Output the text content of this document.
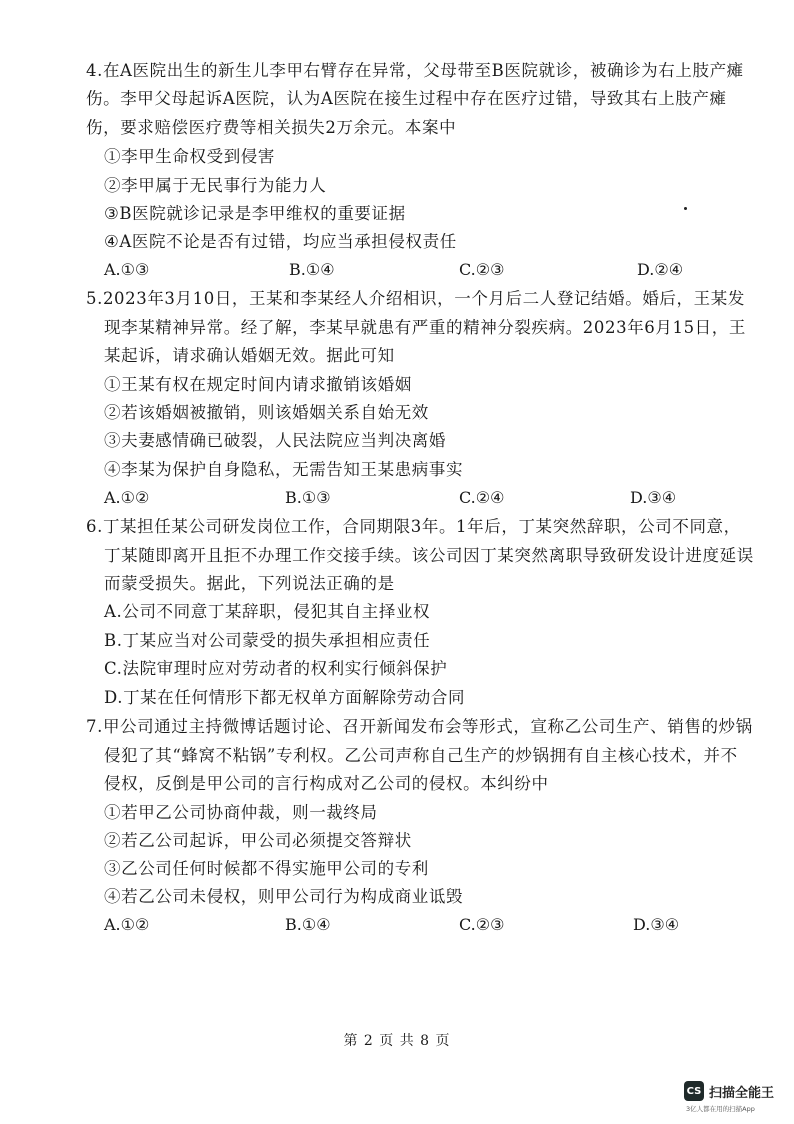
4.在A医院出生的新生儿李甲右臂存在异常，父母带至B医院就诊，被确诊为右上肢产瘫
伤。李甲父母起诉A医院，认为A医院在接生过程中存在医疗过错，导致其右上肢产瘫
伤，要求赔偿医疗费等相关损失2万余元。本案中
①李甲生命权受到侵害
②李甲属于无民事行为能力人
③B医院就诊记录是李甲维权的重要证据
④A医院不论是否有过错，均应当承担侵权责任
A.①③	B.①④	C.②③	D.②④
5.2023年3月10日，王某和李某经人介绍相识，一个月后二人登记结婚。婚后，王某发
现李某精神异常。经了解，李某早就患有严重的精神分裂疾病。2023年6月15日，王
某起诉，请求确认婚姻无效。据此可知
①王某有权在规定时间内请求撤销该婚姻
②若该婚姻被撤销，则该婚姻关系自始无效
③夫妻感情确已破裂，人民法院应当判决离婚
④李某为保护自身隐私，无需告知王某患病事实
A.①②	B.①③	C.②④	D.③④
6.丁某担任某公司研发岗位工作，合同期限3年。1年后，丁某突然辞职，公司不同意，
丁某随即离开且拒不办理工作交接手续。该公司因丁某突然离职导致研发设计进度延误
而蒙受损失。据此，下列说法正确的是
A.公司不同意丁某辞职，侵犯其自主择业权
B.丁某应当对公司蒙受的损失承担相应责任
C.法院审理时应对劳动者的权利实行倾斜保护
D.丁某在任何情形下都无权单方面解除劳动合同
7.甲公司通过主持微博话题讨论、召开新闻发布会等形式，宣称乙公司生产、销售的炒锅
侵犯了其“蜂窝不粘锅”专利权。乙公司声称自己生产的炒锅拥有自主核心技术，并不
侵权，反倒是甲公司的言行构成对乙公司的侵权。本纠纷中
①若甲乙公司协商仲裁，则一裁终局
②若乙公司起诉，甲公司必须提交答辩状
③乙公司任何时候都不得实施甲公司的专利
④若乙公司未侵权，则甲公司行为构成商业诋毁
A.①②	B.①④	C.②③	D.③④
第 2 页 共 8 页
CS 扫描全能王
3亿人都在用的扫描App
